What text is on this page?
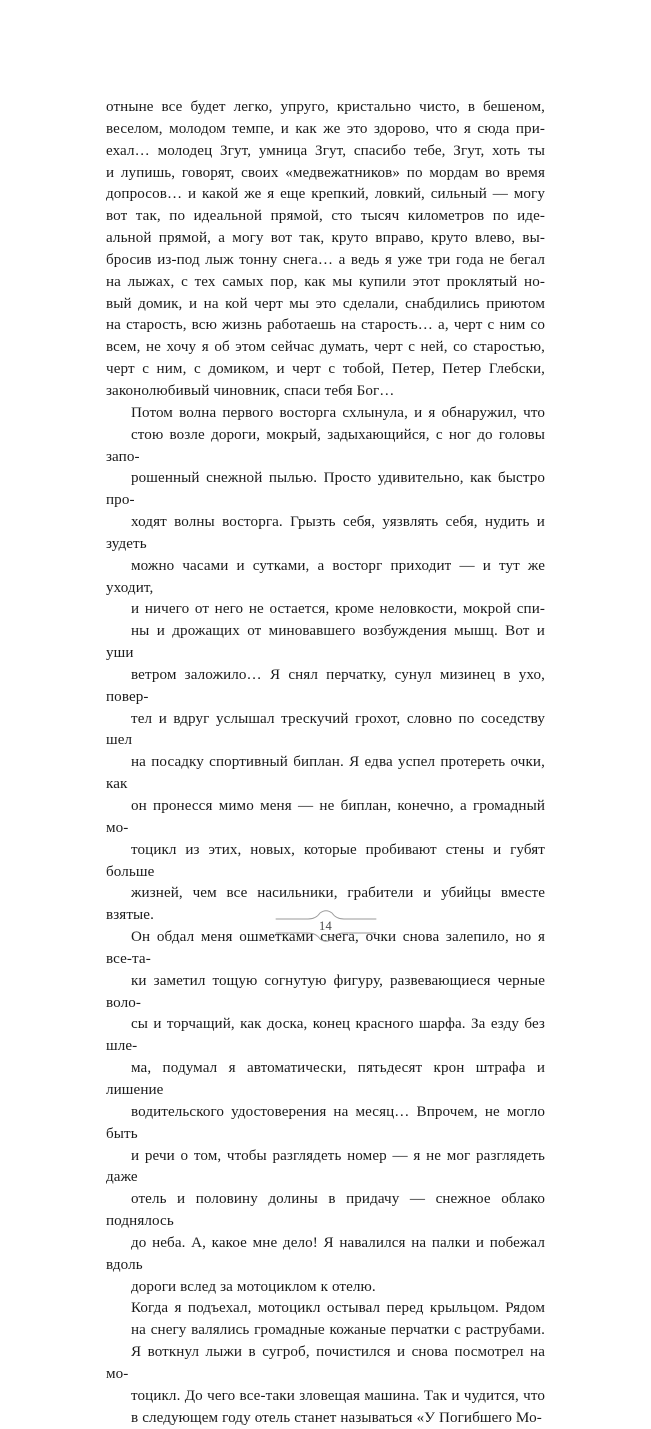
отныне все будет легко, упруго, кристально чисто, в бешеном,
веселом, молодом темпе, и как же это здорово, что я сюда при-
ехал… молодец Згут, умница Згут, спасибо тебе, Згут, хоть ты
и лупишь, говорят, своих «медвежатников» по мордам во время
допросов… и какой же я еще крепкий, ловкий, сильный — могу
вот так, по идеальной прямой, сто тысяч километров по иде-
альной прямой, а могу вот так, круто вправо, круто влево, вы-
бросив из-под лыж тонну снега… а ведь я уже три года не бегал
на лыжах, с тех самых пор, как мы купили этот проклятый но-
вый домик, и на кой черт мы это сделали, снабдились приютом
на старость, всю жизнь работаешь на старость… а, черт с ним со
всем, не хочу я об этом сейчас думать, черт с ней, со старостью,
черт с ним, с домиком, и черт с тобой, Петер, Петер Глебски,
законолюбивый чиновник, спаси тебя Бог…

Потом волна первого восторга схлынула, и я обнаружил, что
стою возле дороги, мокрый, задыхающийся, с ног до головы запо-
рошенный снежной пылью. Просто удивительно, как быстро про-
ходят волны восторга. Грызть себя, уязвлять себя, нудить и зудеть
можно часами и сутками, а восторг приходит — и тут же уходит,
и ничего от него не остается, кроме неловкости, мокрой спи-
ны и дрожащих от миновавшего возбуждения мышц. Вот и уши
ветром заложило… Я снял перчатку, сунул мизинец в ухо, повер-
тел и вдруг услышал трескучий грохот, словно по соседству шел
на посадку спортивный биплан. Я едва успел протереть очки, как
он пронесся мимо меня — не биплан, конечно, а громадный мо-
тоцикл из этих, новых, которые пробивают стены и губят больше
жизней, чем все насильники, грабители и убийцы вместе взятые.
Он обдал меня ошметками снега, очки снова залепило, но я все-та-
ки заметил тощую согнутую фигуру, развевающиеся черные воло-
сы и торчащий, как доска, конец красного шарфа. За езду без шле-
ма, подумал я автоматически, пятьдесят крон штрафа и лишение
водительского удостоверения на месяц… Впрочем, не могло быть
и речи о том, чтобы разглядеть номер — я не мог разглядеть даже
отель и половину долины в придачу — снежное облако поднялось
до неба. А, какое мне дело! Я навалился на палки и побежал вдоль
дороги вслед за мотоциклом к отелю.

Когда я подъехал, мотоцикл остывал перед крыльцом. Рядом
на снегу валялись громадные кожаные перчатки с раструбами.
Я воткнул лыжи в сугроб, почистился и снова посмотрел на мо-
тоцикл. До чего все-таки зловещая машина. Так и чудится, что
в следующем году отель станет называться «У Погибшего Мо-

14
